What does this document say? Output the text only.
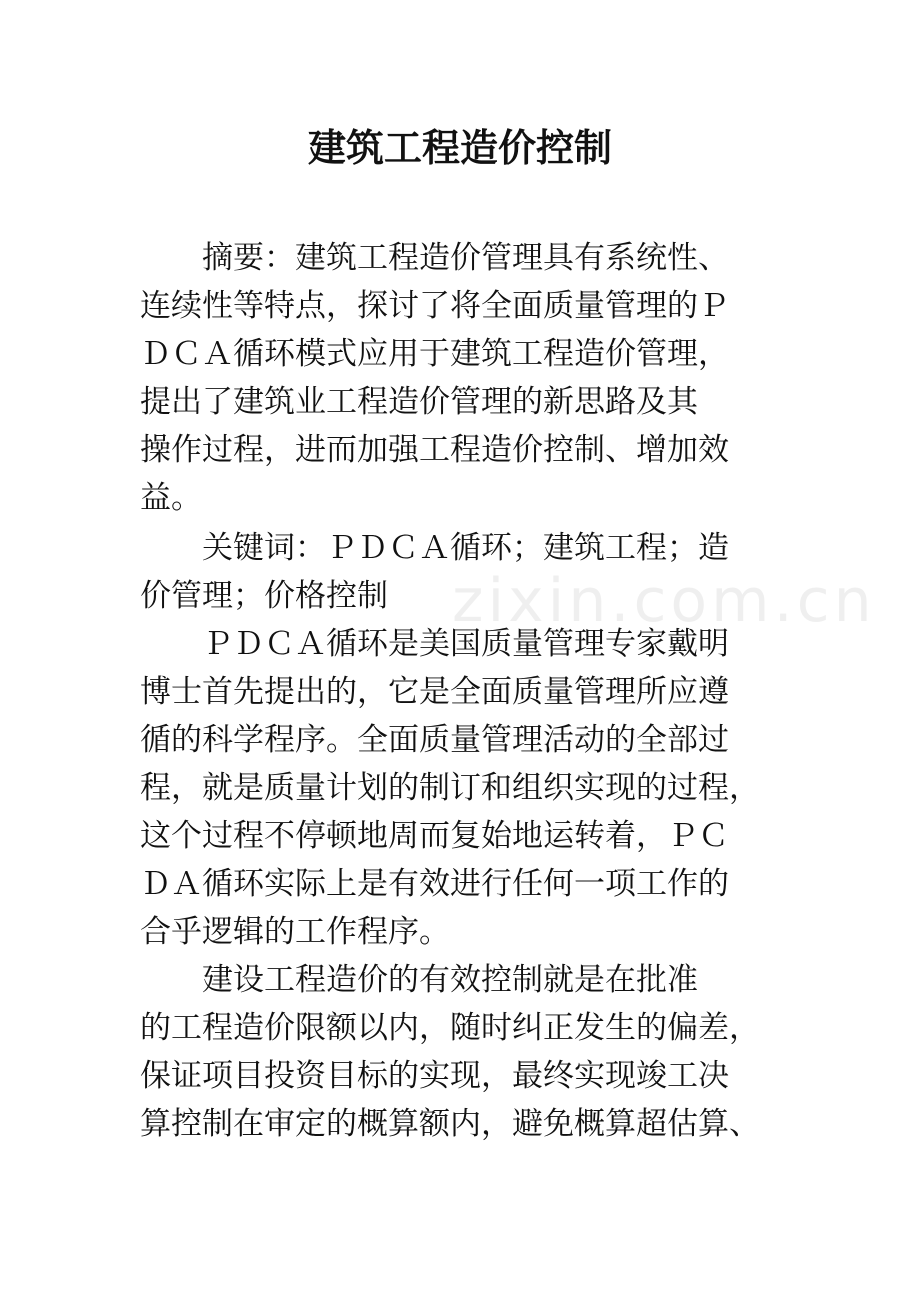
zixin.com.cn
建筑工程造价控制
　　摘要：建筑工程造价管理具有系统性、
连续性等特点，探讨了将全面质量管理的Ｐ
ＤＣＡ循环模式应用于建筑工程造价管理，
提出了建筑业工程造价管理的新思路及其
操作过程，进而加强工程造价控制、增加效
益。
　　关键词：ＰＤＣＡ循环；建筑工程；造
价管理；价格控制
　　ＰＤＣＡ循环是美国质量管理专家戴明
博士首先提出的，它是全面质量管理所应遵
循的科学程序。全面质量管理活动的全部过
程，就是质量计划的制订和组织实现的过程，
这个过程不停顿地周而复始地运转着，ＰＣ
ＤＡ循环实际上是有效进行任何一项工作的
合乎逻辑的工作程序。
　　建设工程造价的有效控制就是在批准
的工程造价限额以内，随时纠正发生的偏差，
保证项目投资目标的实现，最终实现竣工决
算控制在审定的概算额内，避免概算超估算、
